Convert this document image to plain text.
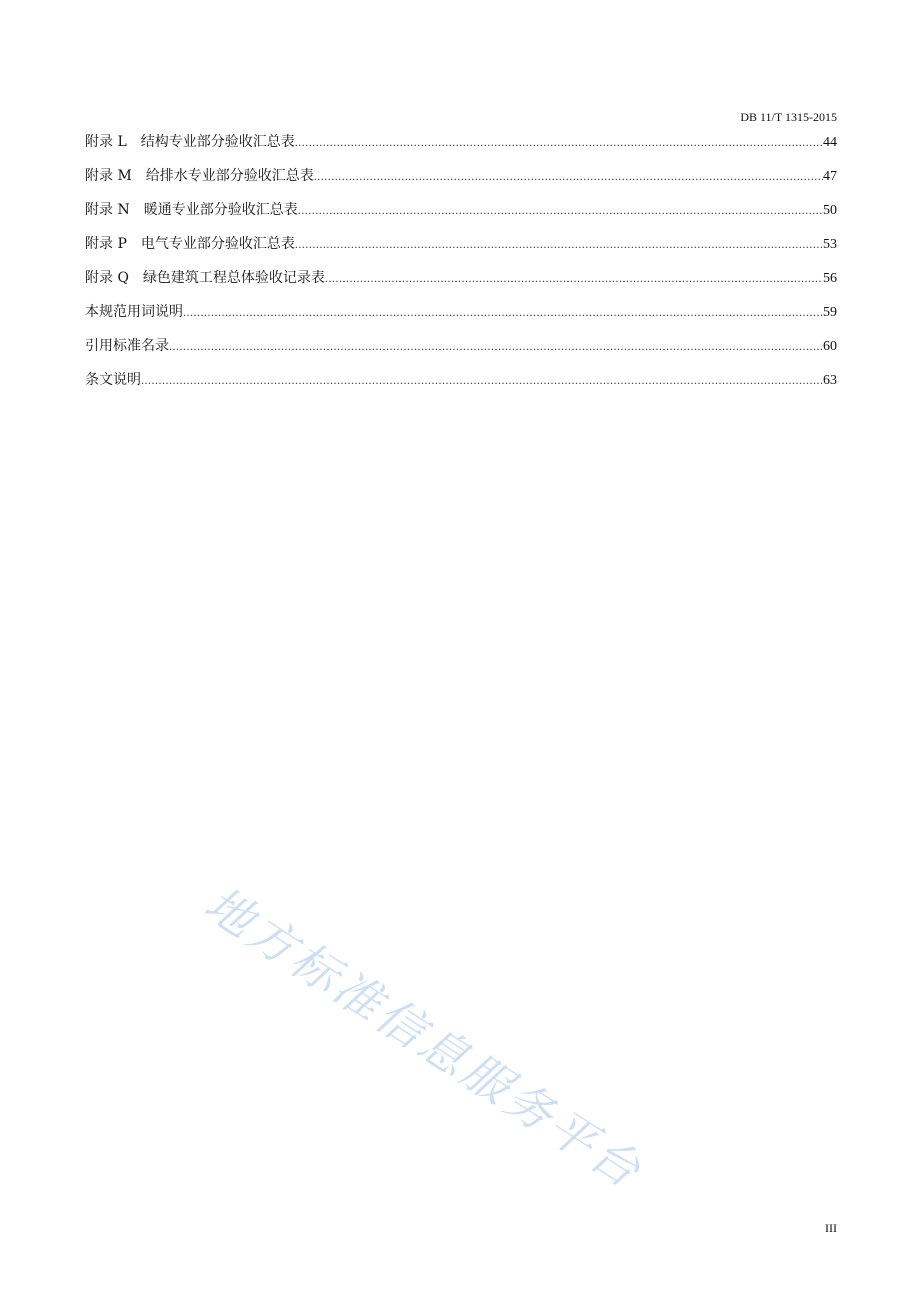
DB 11/T 1315-2015
附录 L　结构专业部分验收汇总表 .....	44
附录 M　给排水专业部分验收汇总表 .....	47
附录 N　暖通专业部分验收汇总表 .....	50
附录 P　电气专业部分验收汇总表 .....	53
附录 Q　绿色建筑工程总体验收记录表 .....	56
本规范用词说明 .....	59
引用标准名录 .....	60
条文说明 .....	63
地方标准信息服务平台
III
